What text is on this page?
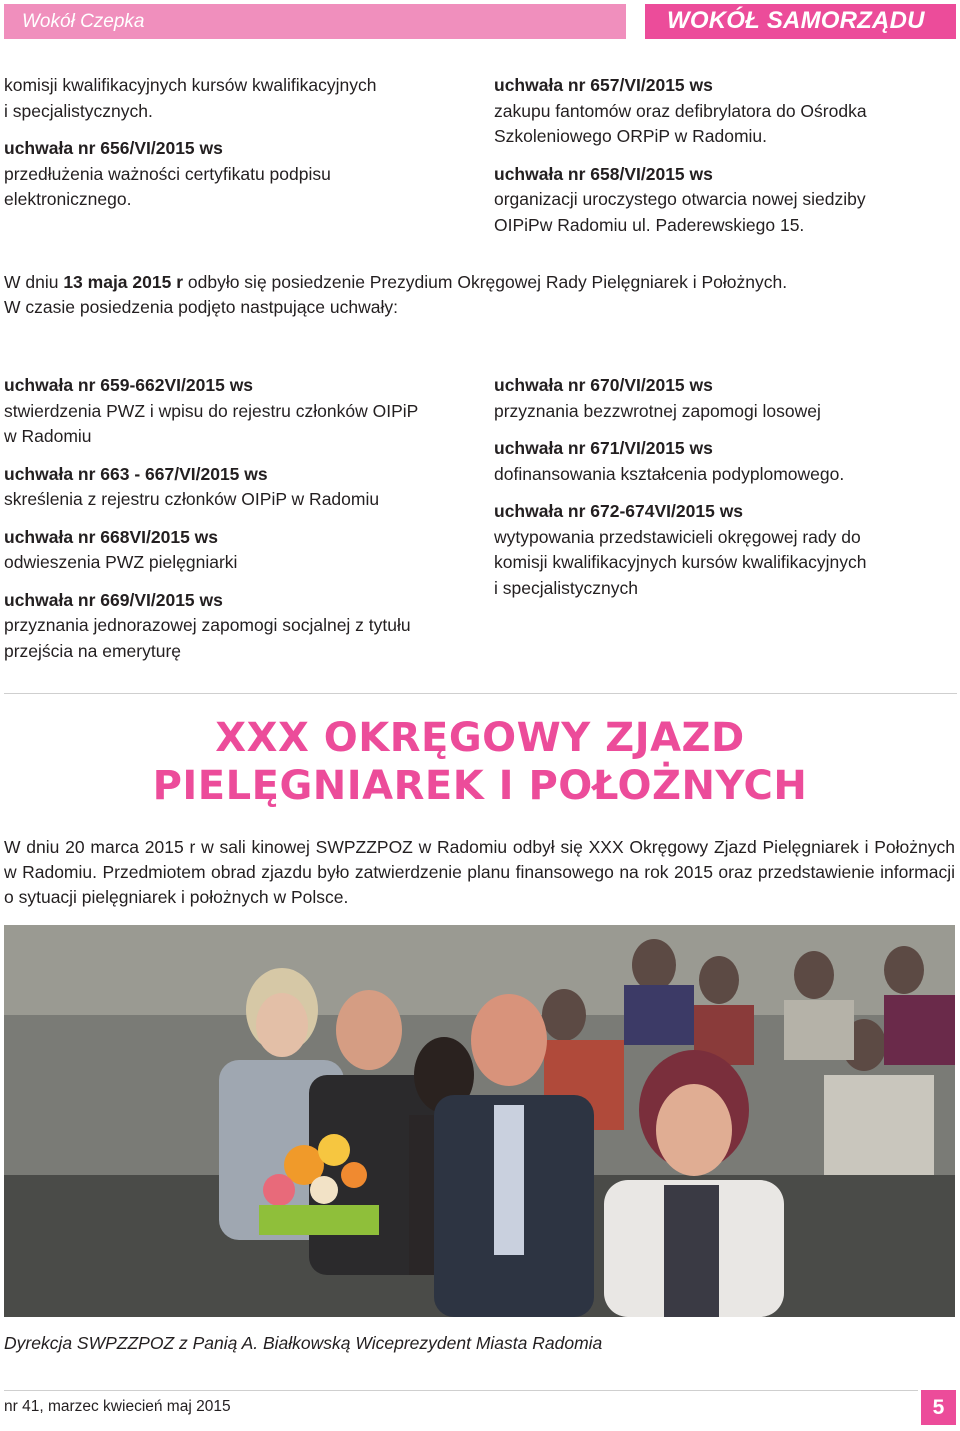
Wokół Czepka	WOKÓŁ SAMORZĄDU

komisji kwalifikacyjnych kursów kwalifikacyjnych

i specjalistycznych.

uchwała nr 656/VI/2015 ws

przedłużenia ważności certyfikatu podpisu

elektronicznego.

uchwała nr 657/VI/2015 ws

zakupu fantomów oraz defibrylatora do Ośrodka

Szkoleniowego ORPiP w Radomiu.

uchwała nr 658/VI/2015 ws

organizacji uroczystego otwarcia nowej siedziby

OIPiPw Radomiu ul. Paderewskiego 15.

W dniu 13 maja 2015 r odbyło się posiedzenie Prezydium Okręgowej Rady Pielęgniarek i Położnych.

W czasie posiedzenia podjęto nastpujące uchwały:

uchwała nr 659-662VI/2015 ws

stwierdzenia PWZ i wpisu do rejestru członków OIPiP

w Radomiu

uchwała nr 663 - 667/VI/2015 ws

skreślenia z rejestru członków OIPiP w Radomiu

uchwała nr 668VI/2015 ws

odwieszenia PWZ pielęgniarki

uchwała nr 669/VI/2015 ws

przyznania jednorazowej zapomogi socjalnej z tytułu

przejścia na emeryturę

uchwała nr 670/VI/2015 ws

przyznania bezzwrotnej zapomogi losowej

uchwała nr 671/VI/2015 ws

dofinansowania kształcenia podyplomowego.

uchwała nr 672-674VI/2015 ws

wytypowania przedstawicieli okręgowej rady do

komisji kwalifikacyjnych kursów kwalifikacyjnych

i specjalistycznych

XXX OKRĘGOWY ZJAZD
PIELĘGNIAREK I POŁOŻNYCH

W dniu 20 marca 2015 r w sali kinowej SWPZZPOZ w Radomiu odbył się XXX Okręgowy Zjazd Pielęgniarek i Położnych w Radomiu. Przedmiotem obrad zjazdu było zatwierdzenie planu finansowego na rok 2015 oraz przedstawienie informacji o sytuacji pielęgniarek i położnych w Polsce.

Dyrekcja SWPZZPOZ z Panią A. Białkowską Wiceprezydent Miasta Radomia

nr 41, marzec kwiecień maj 2015	5
